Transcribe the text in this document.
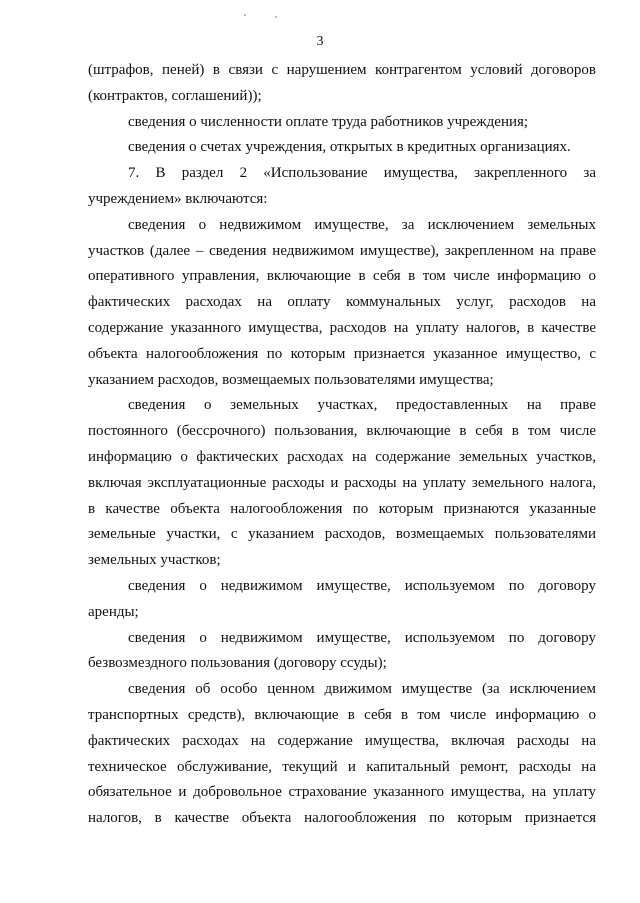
3
(штрафов, пеней) в связи с нарушением контрагентом условий договоров
(контрактов, соглашений));
сведения о численности оплате труда работников учреждения;
сведения о счетах учреждения, открытых в кредитных организациях.
7. В раздел 2 «Использование имущества, закрепленного за
учреждением» включаются:
сведения о недвижимом имуществе, за исключением земельных
участков (далее – сведения недвижимом имуществе), закрепленном на праве
оперативного управления, включающие в себя в том числе информацию о
фактических расходах на оплату коммунальных услуг, расходов на
содержание указанного имущества, расходов на уплату налогов, в качестве
объекта налогообложения по которым признается указанное имущество, с
указанием расходов, возмещаемых пользователями имущества;
сведения о земельных участках, предоставленных на праве
постоянного (бессрочного) пользования, включающие в себя в том числе
информацию о фактических расходах на содержание земельных участков,
включая эксплуатационные расходы и расходы на уплату земельного налога,
в качестве объекта налогообложения по которым признаются указанные
земельные участки, с указанием расходов, возмещаемых пользователями
земельных участков;
сведения о недвижимом имуществе, используемом по договору
аренды;
сведения о недвижимом имуществе, используемом по договору
безвозмездного пользования (договору ссуды);
сведения об особо ценном движимом имуществе (за исключением
транспортных средств), включающие в себя в том числе информацию о
фактических расходах на содержание имущества, включая расходы на
техническое обслуживание, текущий и капитальный ремонт, расходы на
обязательное и добровольное страхование указанного имущества, на уплату
налогов, в качестве объекта налогообложения по которым признается
